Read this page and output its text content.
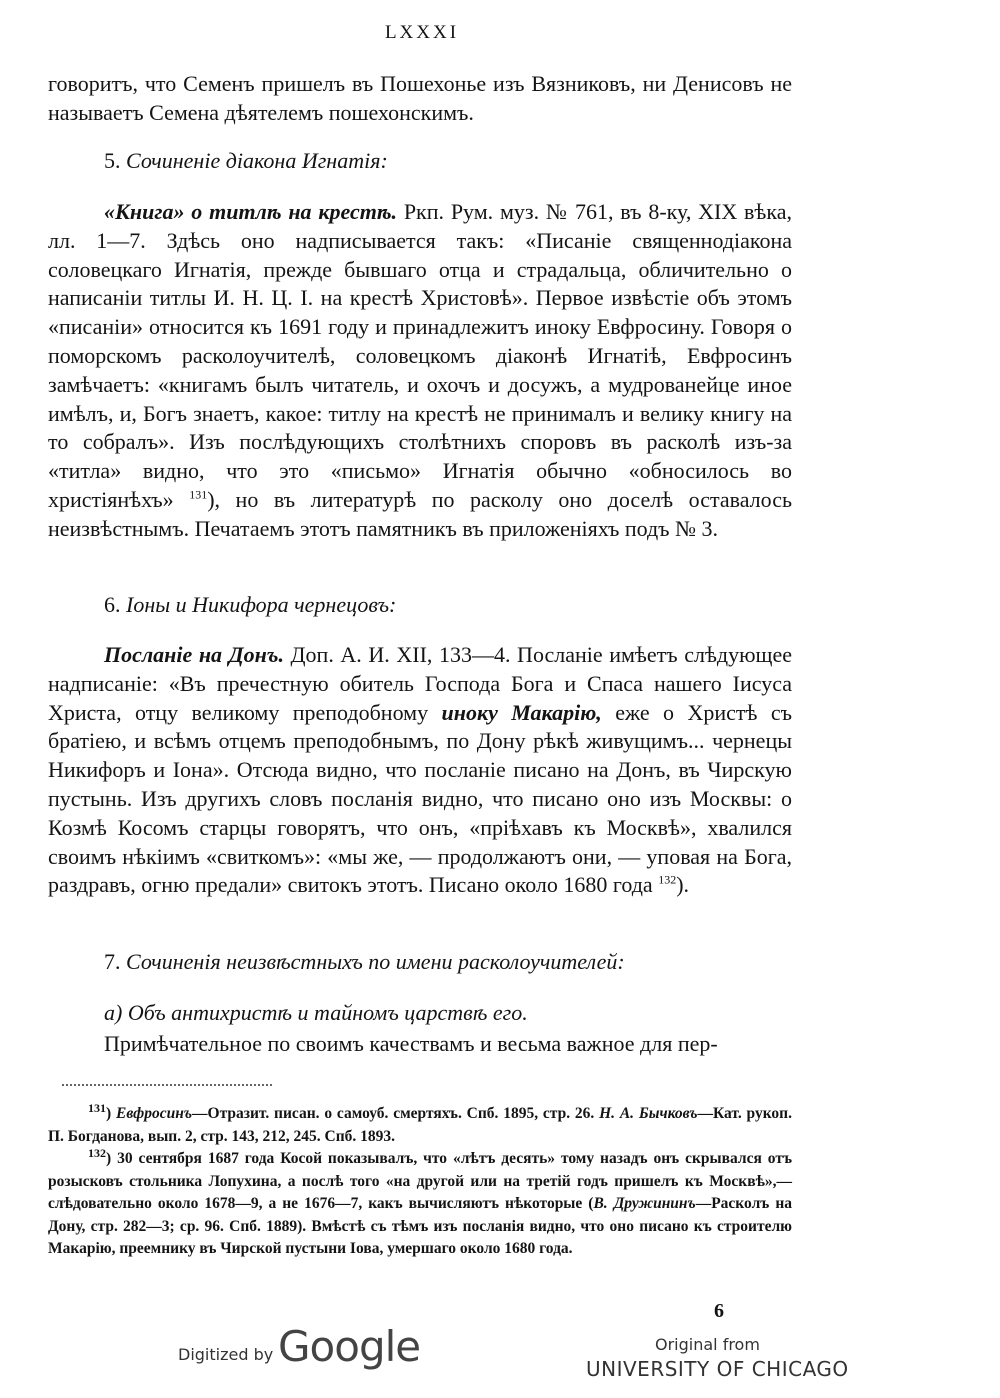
LXXXI

говоритъ, что Семенъ пришелъ въ Пошехонье изъ Вязниковъ, ни Денисовъ не называетъ Семена дѣятелемъ пошехонскимъ.

5. Сочиненіе діакона Игнатія:

«Книга» о титлѣ на крестѣ. Ркп. Рум. муз. № 761, въ 8-ку, XIX вѣка, лл. 1—7. Здѣсь оно надписывается такъ: «Писаніе священнодіакона соловецкаго Игнатія, прежде бывшаго отца и страдальца, обличительно о написаніи титлы И. Н. Ц. І. на крестѣ Христовѣ». Первое извѣстіе объ этомъ «писаніи» относится къ 1691 году и принадлежитъ иноку Евфросину. Говоря о поморскомъ расколоучителѣ, соловецкомъ діаконѣ Игнатіѣ, Евфросинъ замѣчаетъ: «книгамъ былъ читатель, и охочъ и досужъ, а мудрованейце иное имѣлъ, и, Богъ знаетъ, какое: титлу на крестѣ не принималъ и велику книгу на то собралъ». Изъ послѣдующихъ столѣтнихъ споровъ въ расколѣ изъ-за «титла» видно, что это «письмо» Игнатія обычно «обносилось во христіянѣхъ» $^{131}$), но въ литературѣ по расколу оно доселѣ оставалось неизвѣстнымъ. Печатаемъ этотъ памятникъ въ приложеніяхъ подъ № 3.

6. Іоны и Никифора чернецовъ:

Посланіе на Донъ. Доп. А. И. XII, 133—4. Посланіе имѣетъ слѣдующее надписаніе: «Въ пречестную обитель Господа Бога и Спаса нашего Іисуса Христа, отцу великому преподобному иноку Макарію, еже о Христѣ съ братіею, и всѣмъ отцемъ преподобнымъ, по Дону рѣкѣ живущимъ... чернецы Никифоръ и Іона». Отсюда видно, что посланіе писано на Донъ, въ Чирскую пустынь. Изъ другихъ словъ посланія видно, что писано оно изъ Москвы: о Козмѣ Косомъ старцы говорятъ, что онъ, «пріѣхавъ къ Москвѣ», хвалился своимъ нѣкіимъ «свиткомъ»: «мы же, — продолжаютъ они, — уповая на Бога, раздравъ, огню предали» свитокъ этотъ. Писано около 1680 года $^{132}$).

7. Сочиненія неизвѣстныхъ по имени расколоучителей:

а) Объ антихристѣ и тайномъ царствѣ его.

Примѣчательное по своимъ качествамъ и весьма важное для пер-

$^{131}$) Евфросинъ—Отразит. писан. о самоуб. смертяхъ. Спб. 1895, стр. 26. Н. А. Бычковъ—Кат. рукоп. П. Богданова, вып. 2, стр. 143, 212, 245. Спб. 1893.

$^{132}$) 30 сентября 1687 года Косой показывалъ, что «лѣтъ десять» тому назадъ онъ скрывался отъ розысковъ стольника Лопухина, а послѣ того «на другой или на третій годъ пришелъ къ Москвѣ»,—слѣдовательно около 1678—9, а не 1676—7, какъ вычисляютъ нѣкоторые (В. Дружининъ—Расколъ на Дону, стр. 282—3; ср. 96. Спб. 1889). Вмѣстѣ съ тѣмъ изъ посланія видно, что оно писано къ строителю Макарію, преемнику въ Чирской пустыни Іова, умершаго около 1680 года.

6
Digitized by Google	Original from
UNIVERSITY OF CHICAGO
